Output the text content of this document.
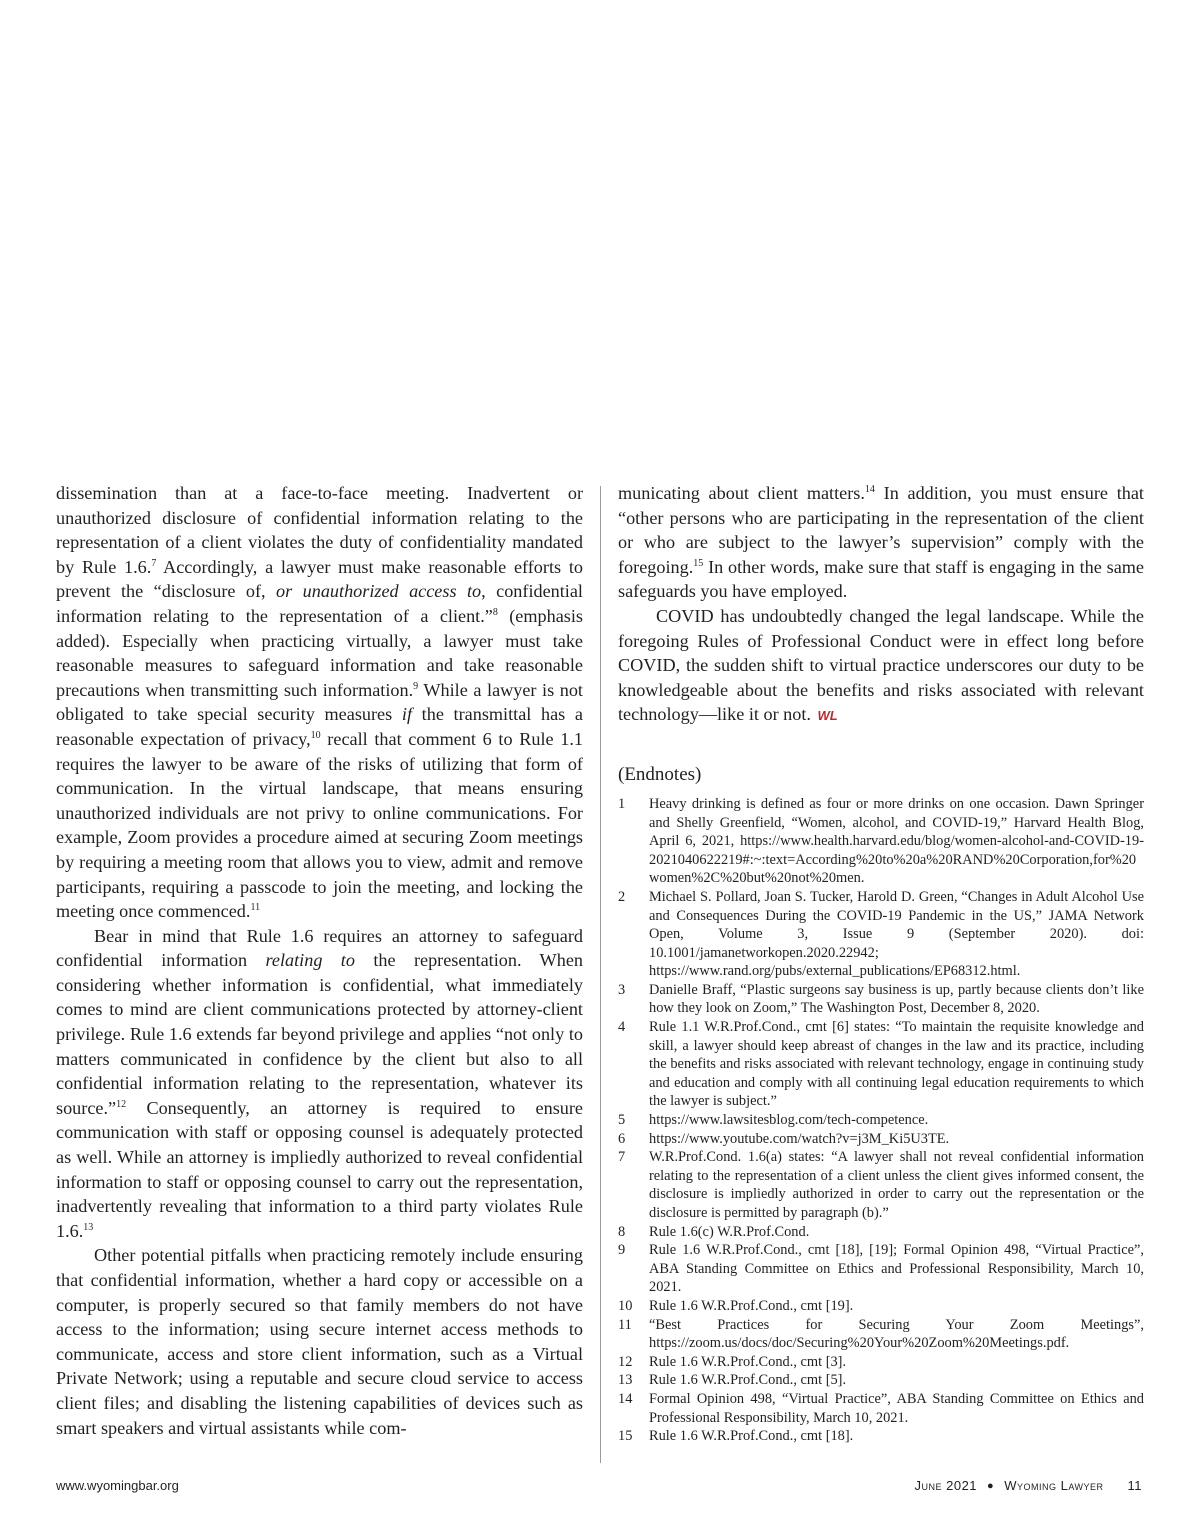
dissemination than at a face-to-face meeting. Inadvertent or unauthorized disclosure of confidential information relating to the representation of a client violates the duty of confidentiality mandated by Rule 1.6.$^7$ Accordingly, a lawyer must make reasonable efforts to prevent the “disclosure of, or unauthorized access to, confidential information relating to the representation of a client.”$^8$ (emphasis added). Especially when practicing virtually, a lawyer must take reasonable measures to safeguard information and take reasonable precautions when transmitting such information.$^9$ While a lawyer is not obligated to take special security measures if the transmittal has a reasonable expectation of privacy,$^{10}$ recall that comment 6 to Rule 1.1 requires the lawyer to be aware of the risks of utilizing that form of communication. In the virtual landscape, that means ensuring unauthorized individuals are not privy to online communications. For example, Zoom provides a procedure aimed at securing Zoom meetings by requiring a meeting room that allows you to view, admit and remove participants, requiring a passcode to join the meeting, and locking the meeting once commenced.$^{11}$

Bear in mind that Rule 1.6 requires an attorney to safeguard confidential information relating to the representation. When considering whether information is confidential, what immediately comes to mind are client communications protected by attorney-client privilege. Rule 1.6 extends far beyond privilege and applies “not only to matters communicated in confidence by the client but also to all confidential information relating to the representation, whatever its source.”$^{12}$ Consequently, an attorney is required to ensure communication with staff or opposing counsel is adequately protected as well. While an attorney is impliedly authorized to reveal confidential information to staff or opposing counsel to carry out the representation, inadvertently revealing that information to a third party violates Rule 1.6.13

Other potential pitfalls when practicing remotely include ensuring that confidential information, whether a hard copy or accessible on a computer, is properly secured so that family members do not have access to the information; using secure internet access methods to communicate, access and store client information, such as a Virtual Private Network; using a reputable and secure cloud service to access client files; and disabling the listening capabilities of devices such as smart speakers and virtual assistants while com-

municating about client matters.$^{14}$ In addition, you must ensure that “other persons who are participating in the representation of the client or who are subject to the lawyer’s supervision” comply with the foregoing.$^{15}$ In other words, make sure that staff is engaging in the same safeguards you have employed.

COVID has undoubtedly changed the legal landscape. While the foregoing Rules of Professional Conduct were in effect long before COVID, the sudden shift to virtual practice underscores our duty to be knowledgeable about the benefits and risks associated with relevant technology—like it or not. WL

(Endnotes)
1	Heavy drinking is defined as four or more drinks on one occasion. Dawn Springer and Shelly Greenfield, “Women, alcohol, and COVID-19,” Harvard Health Blog, April 6, 2021, https://www.health.harvard.edu/blog/women-alcohol-and-COVID-19-2021040622219#:~:text=According%20to%20a%20RAND%20Corporation,for%20women%2C%20but%20not%20men.
2	Michael S. Pollard, Joan S. Tucker, Harold D. Green, “Changes in Adult Alcohol Use and Consequences During the COVID-19 Pandemic in the US,” JAMA Network Open, Volume 3, Issue 9 (September 2020). doi: 10.1001/jamanetworkopen.2020.22942; https://www.rand.org/pubs/external_publications/EP68312.html.
3	Danielle Braff, “Plastic surgeons say business is up, partly because clients don’t like how they look on Zoom,” The Washington Post, December 8, 2020.
4	Rule 1.1 W.R.Prof.Cond., cmt [6] states: “To maintain the requisite knowledge and skill, a lawyer should keep abreast of changes in the law and its practice, including the benefits and risks associated with relevant technology, engage in continuing study and education and comply with all continuing legal education requirements to which the lawyer is subject.”
5	https://www.lawsitesblog.com/tech-competence.
6	https://www.youtube.com/watch?v=j3M_Ki5U3TE.
7	W.R.Prof.Cond. 1.6(a) states: “A lawyer shall not reveal confidential information relating to the representation of a client unless the client gives informed consent, the disclosure is impliedly authorized in order to carry out the representation or the disclosure is permitted by paragraph (b).”
8	Rule 1.6(c) W.R.Prof.Cond.
9	Rule 1.6 W.R.Prof.Cond., cmt [18], [19]; Formal Opinion 498, “Virtual Practice”, ABA Standing Committee on Ethics and Professional Responsibility, March 10, 2021.
10	Rule 1.6 W.R.Prof.Cond., cmt [19].
11	“Best Practices for Securing Your Zoom Meetings”, https://zoom.us/docs/doc/Securing%20Your%20Zoom%20Meetings.pdf.
12	Rule 1.6 W.R.Prof.Cond., cmt [3].
13	Rule 1.6 W.R.Prof.Cond., cmt [5].
14	Formal Opinion 498, “Virtual Practice”, ABA Standing Committee on Ethics and Professional Responsibility, March 10, 2021.
15	Rule 1.6 W.R.Prof.Cond., cmt [18].
www.wyomingbar.org	June 2021 ● Wyoming Lawyer 11
